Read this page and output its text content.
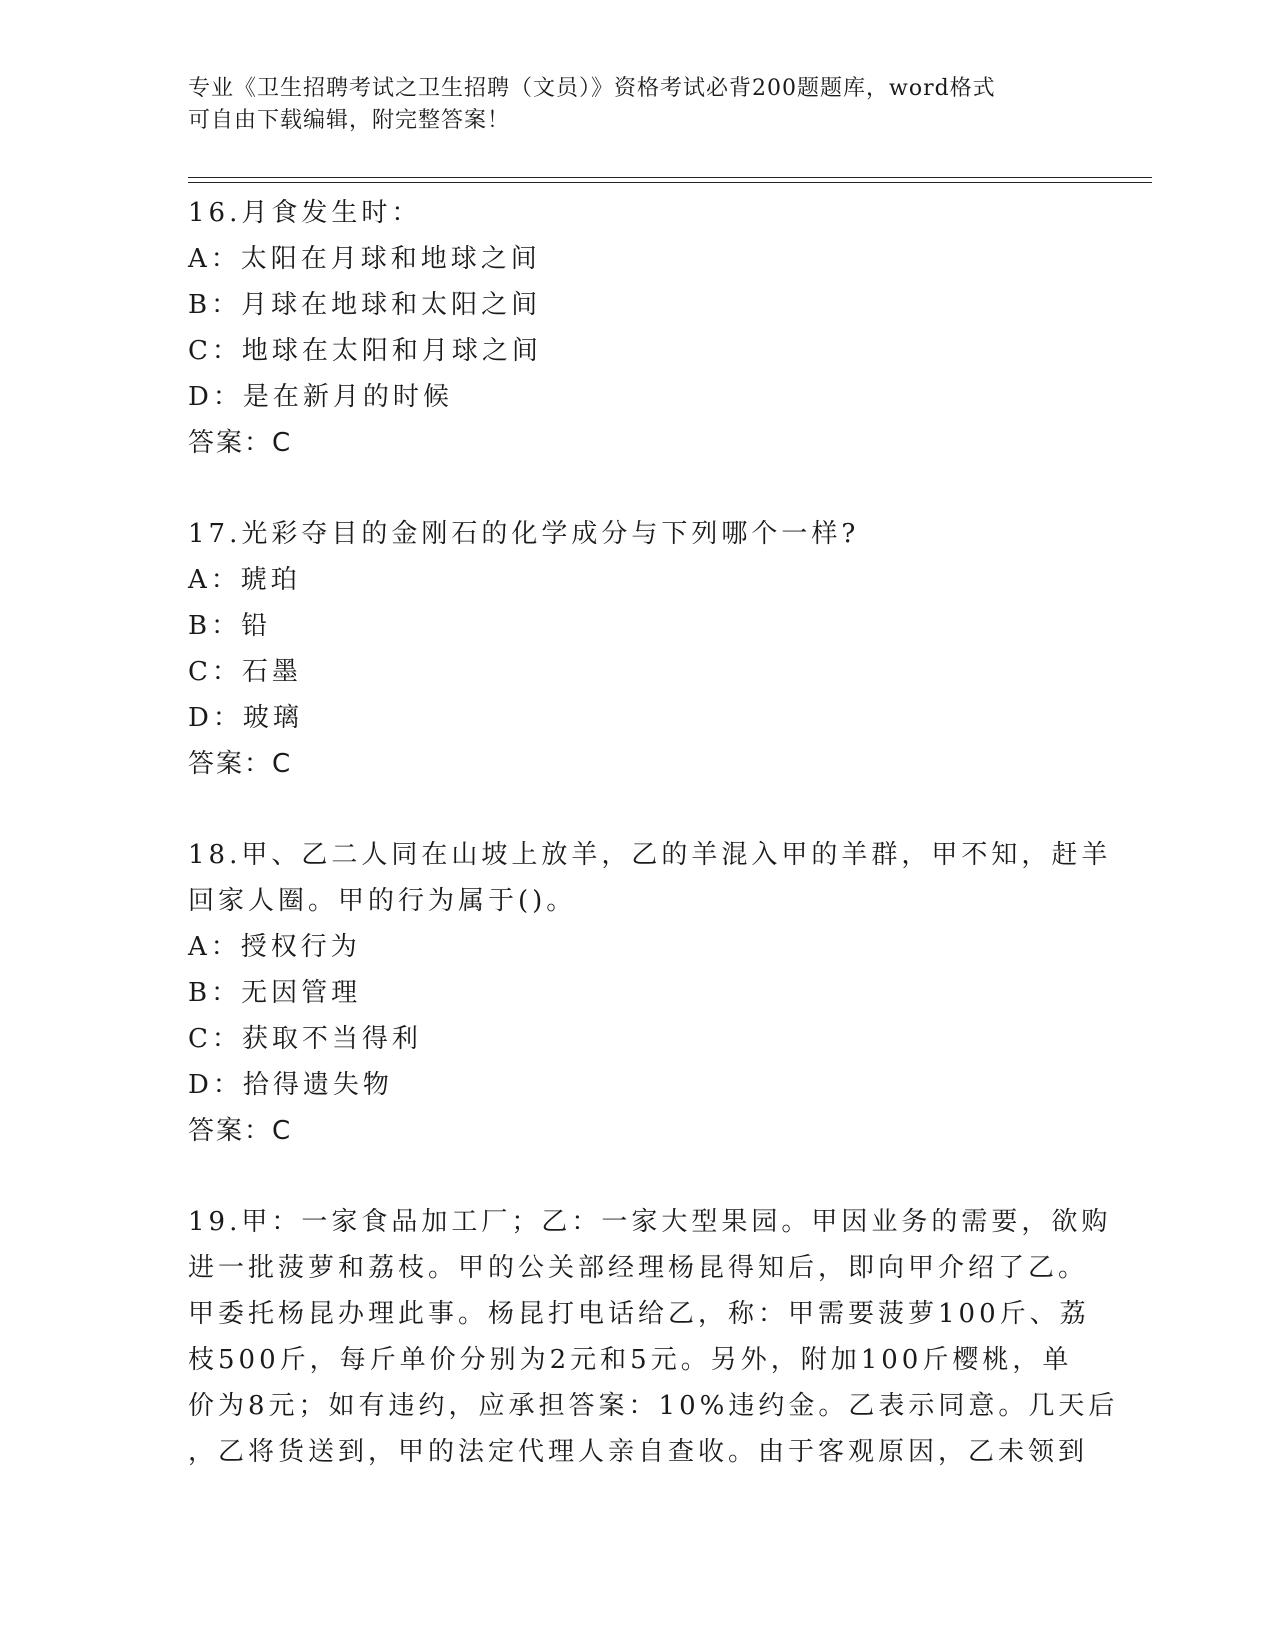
专业《卫生招聘考试之卫生招聘（文员）》资格考试必背200题题库，word格式
可自由下载编辑，附完整答案！
16.月食发生时：
A：太阳在月球和地球之间
B：月球在地球和太阳之间
C：地球在太阳和月球之间
D：是在新月的时候
答案：C
17.光彩夺目的金刚石的化学成分与下列哪个一样?
A：琥珀
B：铅
C：石墨
D：玻璃
答案：C
18.甲、乙二人同在山坡上放羊，乙的羊混入甲的羊群，甲不知，赶羊
回家人圈。甲的行为属于()。
A：授权行为
B：无因管理
C：获取不当得利
D：拾得遗失物
答案：C
19.甲：一家食品加工厂；乙：一家大型果园。甲因业务的需要，欲购
进一批菠萝和荔枝。甲的公关部经理杨昆得知后，即向甲介绍了乙。
甲委托杨昆办理此事。杨昆打电话给乙，称：甲需要菠萝100斤、荔
枝500斤，每斤单价分别为2元和5元。另外，附加100斤樱桃，单
价为8元；如有违约，应承担答案：10%违约金。乙表示同意。几天后
，乙将货送到，甲的法定代理人亲自查收。由于客观原因，乙未领到
